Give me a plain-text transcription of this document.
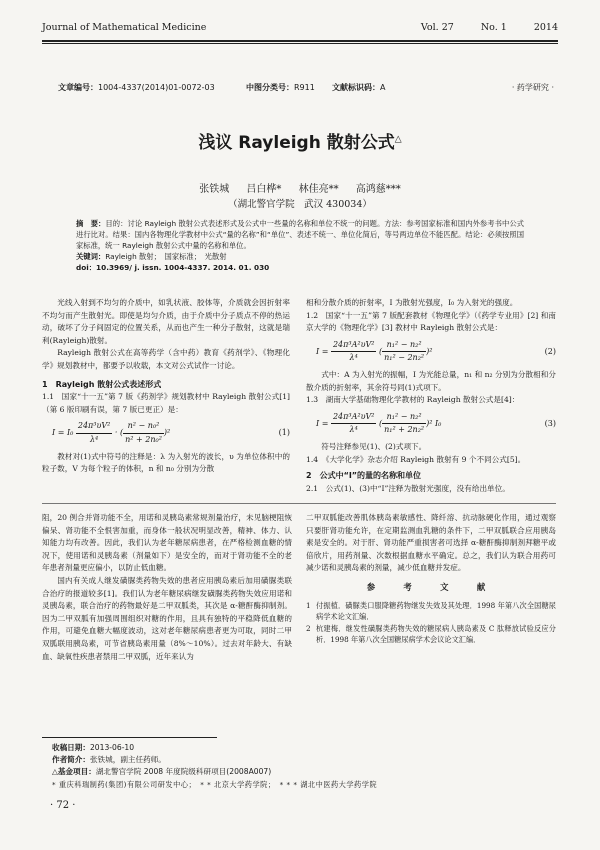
Journal of Mathematical Medicine	Vol. 27	No. 1	2014
文章编号：1004-4337(2014)01-0072-03	中图分类号：R911 文献标识码：A	· 药学研究 ·
浅议 Rayleigh 散射公式△
张铁城 吕白桦* 林佳亮** 高鸿慈***
（湖北警官学院　武汉 430034）

摘　要：目的：讨论 Rayleigh 散射公式表述形式及公式中一些量的名称和单位不统一的问题。方法：参考国家标准和国内外参考书中公式进行比对。结果：国内各物理化学教材中公式“量的名称”和“单位”、表述不统一、单位化简后，等号两边单位不能匹配。结论：必须按照国家标准，统一 Rayleigh 散射公式中量的名称和单位。

关键词：Rayleigh 散射；　国家标准；　光散射

doi：10.3969/ j. issn. 1004-4337. 2014. 01. 030

光线入射到不均匀的介质中，如乳状液、胶体等，介质就会因折射率不均匀而产生散射光。即使是均匀介质，由于介质中分子质点不停的热运动，破坏了分子间固定的位置关系，从而也产生一种分子散射，这就是瑞利(Rayleigh)散射。

Rayleigh 散射公式在高等药学（含中药）教育《药剂学》、《物理化学》规划教材中，都要予以收载，本文对公式试作一讨论。

1　Rayleigh 散射公式表述形式

1.1　国家“十一五”第 7 版《药剂学》规划教材中 Rayleigh 散射公式[1]（第 6 版印刷有误，第 7 版已更正）是：

$I = I_0 \frac{\text{24π³υV²}}{\text{λ⁴}}$ · ( $\frac{\text{n² − n₀²}}{\text{n² + 2n₀²}} )^2$	(1)

教材对(1)式中符号的注释是：λ 为入射光的波长，υ 为单位体积中的粒子数，V 为每个粒子的体积，n 和 n₀ 分别为分散

相和分散介质的折射率，I 为散射光强度，I₀ 为入射光的强度。

1.2　国家“十一五”第 7 版配套教材《物理化学》（《药学专业用》[2] 和南京大学的《物理化学》[3] 教材中 Rayleigh 散射公式是：

$I = \frac{\text{24π³A²υV²}}{\text{λ⁴}}$ ( $\frac{\text{n₁² − n₂²}}{\text{n₁² − 2n₂²}} )^2$	(2)

式中：A 为入射光的振幅，I 为光能总量，n₁ 和 n₂ 分别为分散相和分散介质的折射率，其余符号同(1)式项下。

1.3　湖南大学基础物理化学教材的 Rayleigh 散射公式是[4]：

$I = \frac{\text{24π³A²υV²}}{\text{λ⁴}}$ ( $\frac{\text{n₁² − n₂²}}{\text{n₁² + 2n₂²}} )^2$ I₀	(3)

符号注释参见(1)、(2)式项下。

1.4　《大学化学》杂志介绍 Rayleigh 散射有 9 个不同公式[5]。

2　公式中“I”的量的名称和单位

2.1　公式(1)、(3)中“I”注释为散射光强度，没有给出单位。

阻，20 例合并肾功能不全，用诺和灵胰岛素常规剂量治疗，未见脑梗阻恢偏呆、肾功能不全恨害加重，而身体一般状况明显改善，精神、体力、认知能力均有改善。因此，我们认为老年糖尿病患者，在严格检测血糖的情况下，使用诺和灵胰岛素（剂量如下）是安全的，而对于肾功能不全的老年患者剂量更应偏小，以防止低血糖。

国内有关成人继发磺脲类药物失效的患者应用胰岛素后加用磺脲类联合治疗的报道较多[1]。我们认为老年糖尿病继发磺脲类药物失效应用诺和灵胰岛素，联合治疗的药物最好是二甲双胍类，其次是 α-糖酐酶抑制剂。因为二甲双胍有加强周围组织对糖的作用，且具有独特的平稳降低血糖的作用，可避免血糖大幅度波动，这对老年糖尿病患者更为可取，同时二甲双胍联用胰岛素，可节省胰岛素用量（8%～10%）。过去对年龄大、有缺血、缺氧性疾患者禁用二甲双胍，近年来认为

二甲双胍能改善肌体胰岛素敏感性、降纤溶、抗动脉硬化作用，通过观察只要肝肾功能允许，在定期监测血乳糖的条件下，二甲双胍联合应用胰岛素是安全的。对于肝、肾功能严重损害者可选择 α-糖酐酶抑制剂拜糖平或倍欣片，用药剂量、次数根据血糖水平确定。总之，我们认为联合用药可减少诺和灵胰岛素的剂量，减少低血糖并发症。

参　考　文　献

1 付振植．磺脲类口服降糖药物继发失效及其处理．1998 年第八次全国糖尿病学术论文汇编．

2 杭建梅．继发性磺脲类药物失效的糖尿病人胰岛素及 C 肽释放试验反应分析．1998 年第八次全国糖尿病学术会议论文汇编．

收稿日期：2013-06-10

作者简介：张铁城，副主任药师。

△基金项目：湖北警官学院 2008 年度院级科研项目(2008A007)

* 重庆科瑞制药(集团)有限公司研发中心；　* * 北京大学药学院；　* * * 湖北中医药大学药学院

· 72 ·
